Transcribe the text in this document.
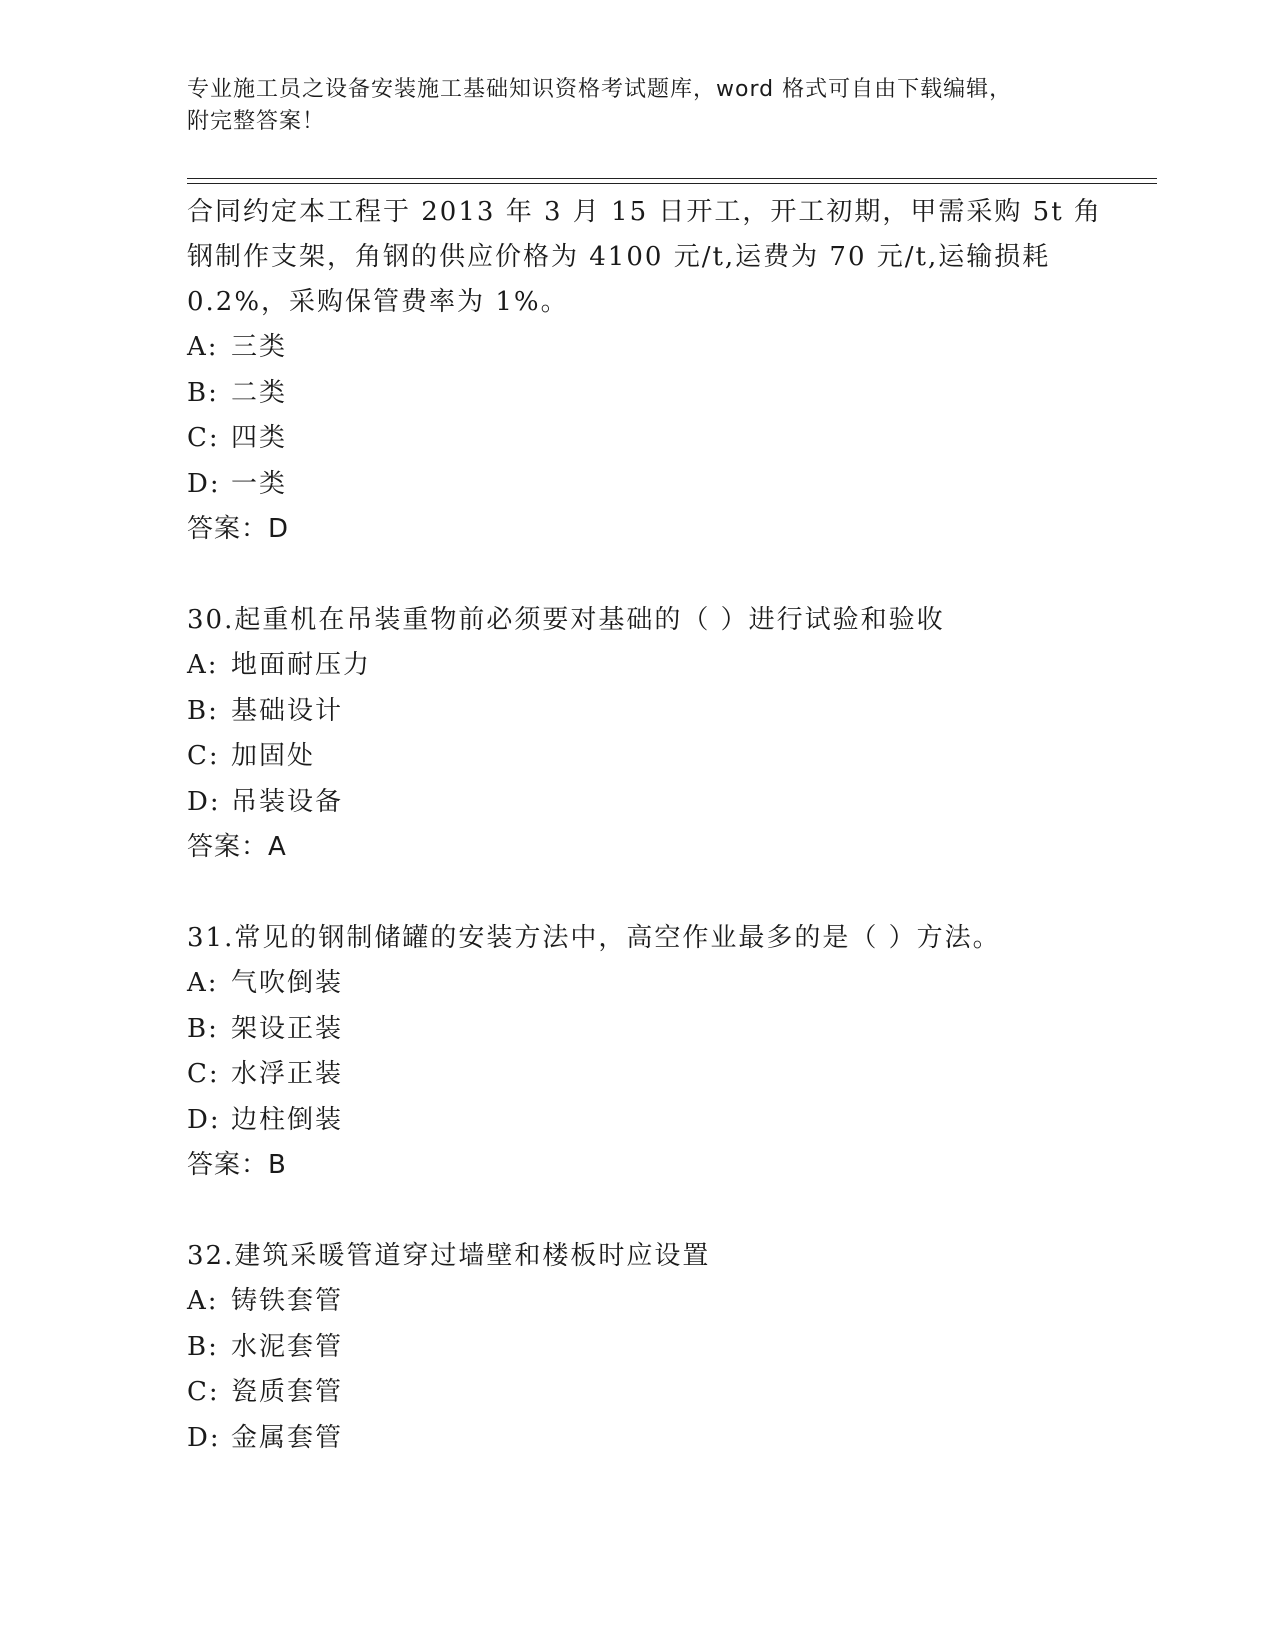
专业施工员之设备安装施工基础知识资格考试题库，word 格式可自由下载编辑，
附完整答案！

合同约定本工程于 2013 年 3 月 15 日开工，开工初期，甲需采购 5t 角

钢制作支架，角钢的供应价格为 4100 元/t,运费为 70 元/t,运输损耗

0.2%，采购保管费率为 1%。

A: 三类
B: 二类
C: 四类
D: 一类
答案：D

30.起重机在吊装重物前必须要对基础的（ ）进行试验和验收

A: 地面耐压力
B: 基础设计
C: 加固处
D: 吊装设备
答案：A

31.常见的钢制储罐的安装方法中，高空作业最多的是（ ）方法。

A: 气吹倒装
B: 架设正装
C: 水浮正装
D: 边柱倒装
答案：B

32.建筑采暖管道穿过墙壁和楼板时应设置

A: 铸铁套管
B: 水泥套管
C: 瓷质套管
D: 金属套管
